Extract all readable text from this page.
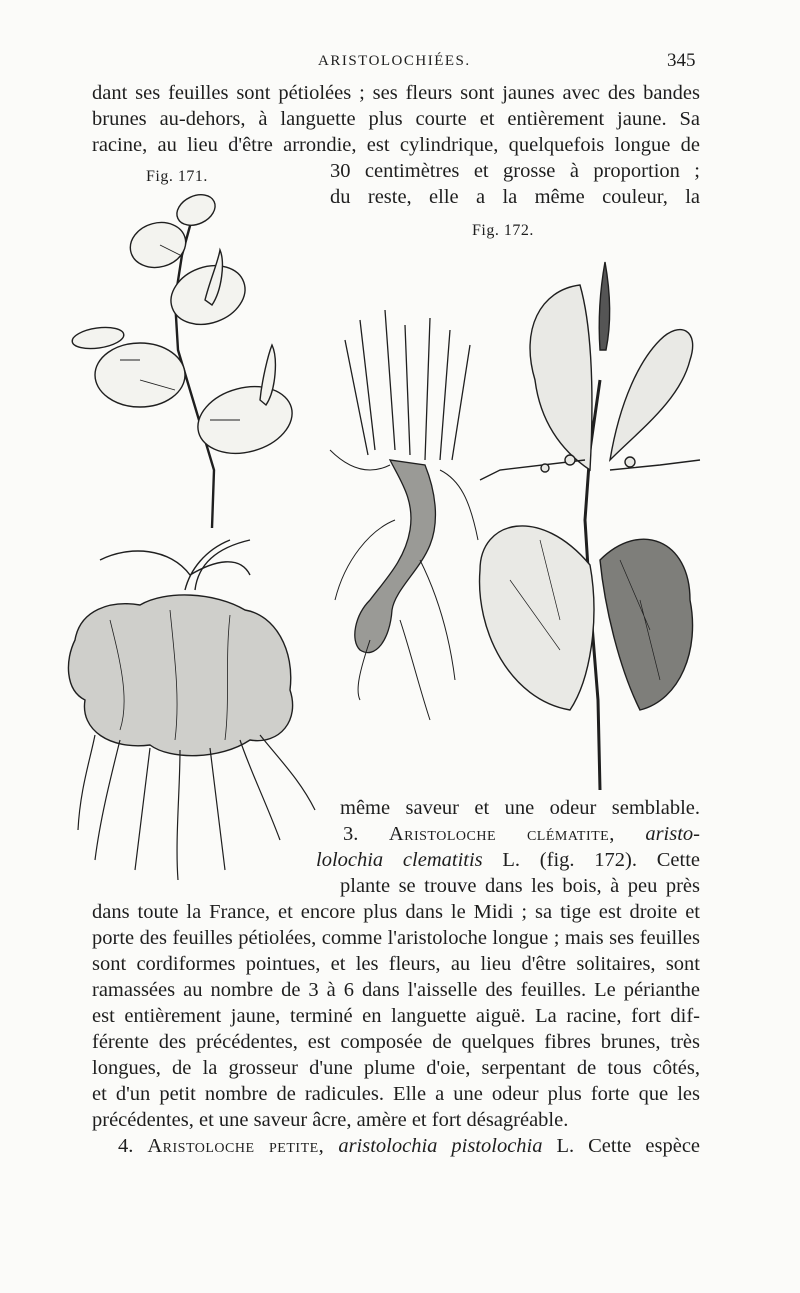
ARISTOLOCHIÉES.	345
dant ses feuilles sont pétiolées ; ses fleurs sont jaunes avec des bandes
brunes au-dehors, à languette plus courte et entièrement jaune. Sa
racine, au lieu d'être arrondie, est cylindrique, quelquefois longue de
30 centimètres et grosse à proportion ;
du reste, elle a la même couleur, la
Fig. 171.
Fig. 172.
même saveur et une odeur semblable.
3. Aristoloche clématite, aristo-
lolochia clematitis L. (fig. 172). Cette
plante se trouve dans les bois, à peu près
dans toute la France, et encore plus dans le Midi ; sa tige est droite et
porte des feuilles pétiolées, comme l'aristoloche longue ; mais ses feuilles
sont cordiformes pointues, et les fleurs, au lieu d'être solitaires, sont
ramassées au nombre de 3 à 6 dans l'aisselle des feuilles. Le périanthe
est entièrement jaune, terminé en languette aiguë. La racine, fort dif-
férente des précédentes, est composée de quelques fibres brunes, très
longues, de la grosseur d'une plume d'oie, serpentant de tous côtés,
et d'un petit nombre de radicules. Elle a une odeur plus forte que les
précédentes, et une saveur âcre, amère et fort désagréable.
4. Aristoloche petite, aristolochia pistolochia L. Cette espèce
